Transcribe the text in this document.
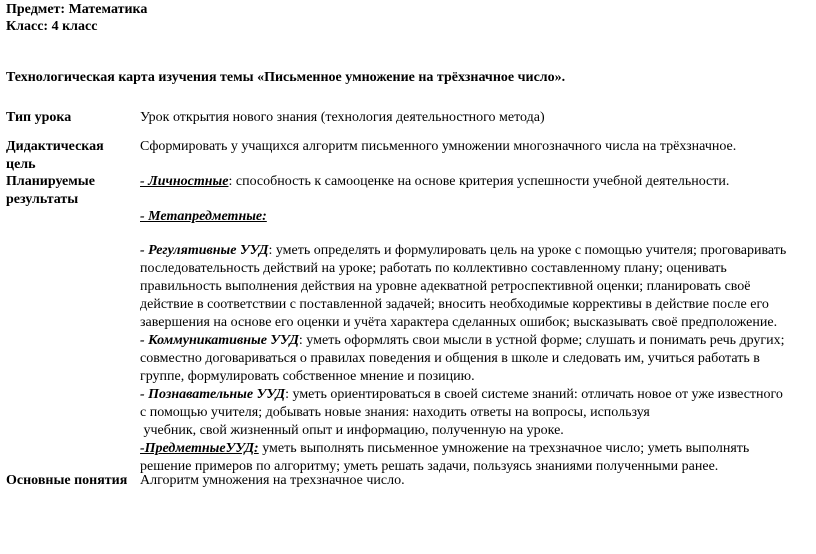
Предмет: Математика
Класс: 4 класс
Технологическая карта изучения темы «Письменное умножение на трёхзначное число».
Тип урока	Урок открытия нового знания (технология деятельностного метода)
Дидактическая цель
Сформировать у учащихся алгоритм письменного умножении многозначного числа на трёхзначное.
Планируемые результаты
- Личностные: способность к самооценке на основе критерия успешности учебной деятельности.
- Метапредметные:
- Регулятивные УУД: уметь определять и формулировать цель на уроке с помощью учителя; проговаривать
последовательность действий на уроке; работать по коллективно составленному плану; оценивать
правильность выполнения действия на уровне адекватной ретроспективной оценки; планировать своё
действие в соответствии с поставленной задачей; вносить необходимые коррективы в действие после его
завершения на основе его оценки и учёта характера сделанных ошибок; высказывать своё предположение.
- Коммуникативные УУД: уметь оформлять свои мысли в устной форме; слушать и понимать речь других;
совместно договариваться о правилах поведения и общения в школе и следовать им, учиться работать в
группе, формулировать собственное мнение и позицию.
- Познавательные УУД: уметь ориентироваться в своей системе знаний: отличать новое от уже известного
с помощью учителя; добывать новые знания: находить ответы на вопросы, используя
учебник, свой жизненный опыт и информацию, полученную на уроке.
-ПредметныеУУД: уметь выполнять письменное умножение на трехзначное число; уметь выполнять
решение примеров по алгоритму; уметь решать задачи, пользуясь знаниями полученными ранее.
Основные понятия Алгоритм умножения на трехзначное число.
